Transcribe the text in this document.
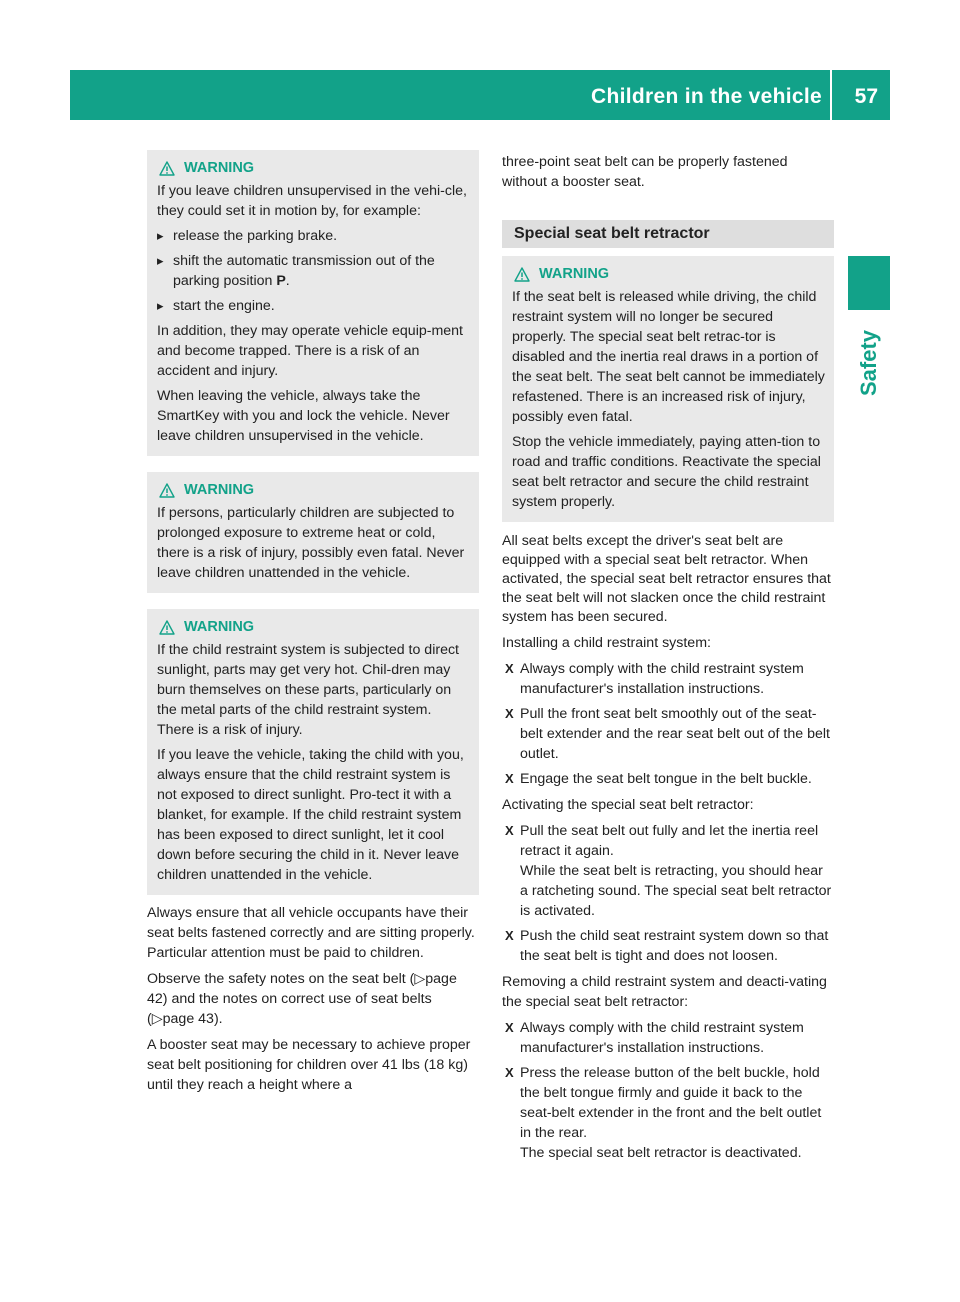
Children in the vehicle 57
Safety
WARNING

If you leave children unsupervised in the vehi-cle, they could set it in motion by, for example:

▸ release the parking brake.
▸ shift the automatic transmission out of the parking position P.
▸ start the engine.

In addition, they may operate vehicle equip-ment and become trapped. There is a risk of an accident and injury.

When leaving the vehicle, always take the SmartKey with you and lock the vehicle. Never leave children unsupervised in the vehicle.

WARNING

If persons, particularly children are subjected to prolonged exposure to extreme heat or cold, there is a risk of injury, possibly even fatal. Never leave children unattended in the vehicle.

WARNING

If the child restraint system is subjected to direct sunlight, parts may get very hot. Chil-dren may burn themselves on these parts, particularly on the metal parts of the child restraint system. There is a risk of injury.

If you leave the vehicle, taking the child with you, always ensure that the child restraint system is not exposed to direct sunlight. Pro-tect it with a blanket, for example. If the child restraint system has been exposed to direct sunlight, let it cool down before securing the child in it. Never leave children unattended in the vehicle.

Always ensure that all vehicle occupants have their seat belts fastened correctly and are sitting properly. Particular attention must be paid to children.

Observe the safety notes on the seat belt (▷page 42) and the notes on correct use of seat belts (▷page 43).

A booster seat may be necessary to achieve proper seat belt positioning for children over 41 lbs (18 kg) until they reach a height where a

three-point seat belt can be properly fastened without a booster seat.

Special seat belt retractor
WARNING

If the seat belt is released while driving, the child restraint system will no longer be secured properly. The special seat belt retrac-tor is disabled and the inertia real draws in a portion of the seat belt. The seat belt cannot be immediately refastened. There is an increased risk of injury, possibly even fatal.

Stop the vehicle immediately, paying atten-tion to road and traffic conditions. Reactivate the special seat belt retractor and secure the child restraint system properly.

All seat belts except the driver's seat belt are equipped with a special seat belt retractor. When activated, the special seat belt retractor ensures that the seat belt will not slacken once the child restraint system has been secured.

Installing a child restraint system:

X Always comply with the child restraint system manufacturer's installation instructions.
X Pull the front seat belt smoothly out of the seat-belt extender and the rear seat belt out of the belt outlet.
X Engage the seat belt tongue in the belt buckle.

Activating the special seat belt retractor:

X Pull the seat belt out fully and let the inertia reel retract it again.
While the seat belt is retracting, you should hear a ratcheting sound. The special seat belt retractor is activated.
X Push the child seat restraint system down so that the seat belt is tight and does not loosen.

Removing a child restraint system and deacti-vating the special seat belt retractor:

X Always comply with the child restraint system manufacturer's installation instructions.
X Press the release button of the belt buckle, hold the belt tongue firmly and guide it back to the seat-belt extender in the front and the belt outlet in the rear.
The special seat belt retractor is deactivated.
